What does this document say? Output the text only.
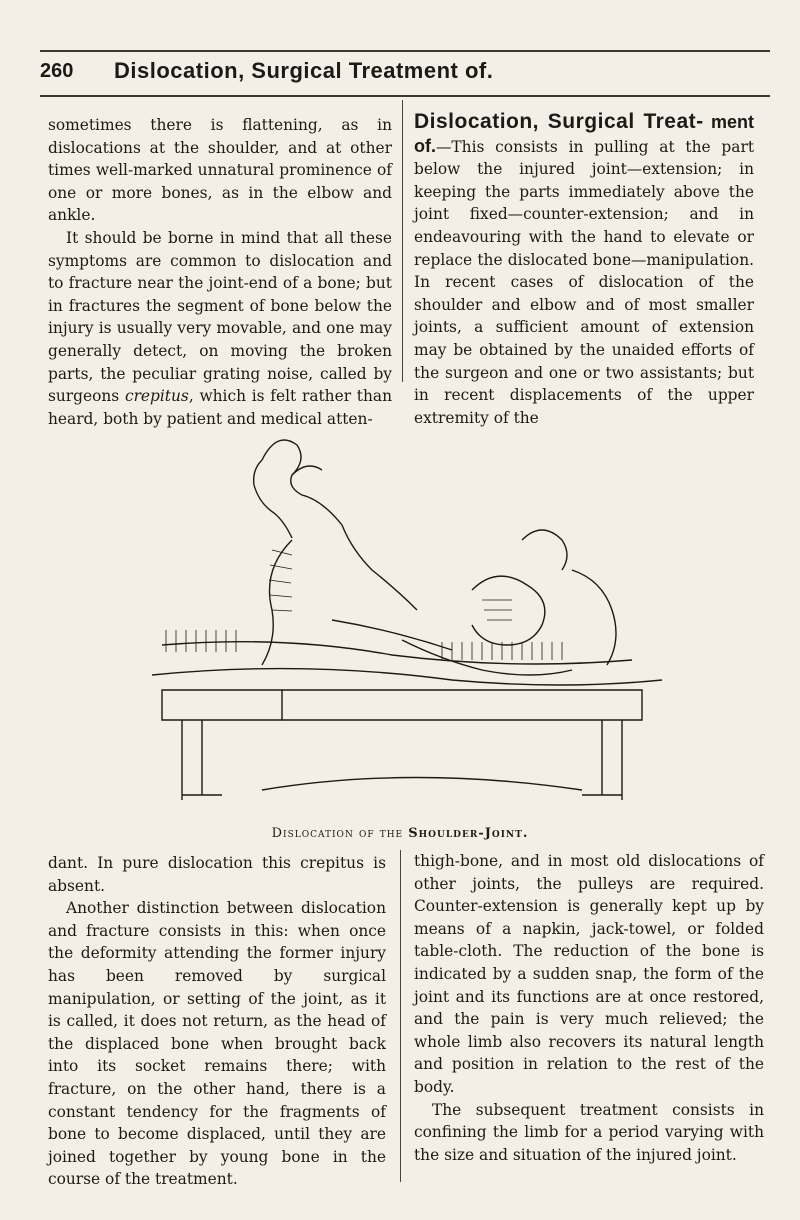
260 Dislocation, Surgical Treatment of.

sometimes there is flattening, as in dislocations at the shoulder, and at other times well-marked unnatural prominence of one or more bones, as in the elbow and ankle.

It should be borne in mind that all these symptoms are common to dislocation and to fracture near the joint-end of a bone; but in fractures the segment of bone below the injury is usually very movable, and one may generally detect, on moving the broken parts, the peculiar grating noise, called by surgeons crepitus, which is felt rather than heard, both by patient and medical atten-

Dislocation, Surgical Treat- ment of.—This consists in pulling at the part below the injured joint—extension; in keeping the parts immediately above the joint fixed—counter-extension; and in endeavouring with the hand to elevate or replace the dislocated bone—manipulation. In recent cases of dislocation of the shoulder and elbow and of most smaller joints, a sufficient amount of extension may be obtained by the unaided efforts of the surgeon and one or two assistants; but in recent displacements of the upper extremity of the

Dislocation of the Shoulder-Joint.

dant. In pure dislocation this crepitus is absent.

Another distinction between dislocation and fracture consists in this: when once the deformity attending the former injury has been removed by surgical manipulation, or setting of the joint, as it is called, it does not return, as the head of the displaced bone when brought back into its socket remains there; with fracture, on the other hand, there is a constant tendency for the fragments of bone to become displaced, until they are joined together by young bone in the course of the treatment.

thigh-bone, and in most old dislocations of other joints, the pulleys are required. Counter-extension is generally kept up by means of a napkin, jack-towel, or folded table-cloth. The reduction of the bone is indicated by a sudden snap, the form of the joint and its functions are at once restored, and the pain is very much relieved; the whole limb also recovers its natural length and position in relation to the rest of the body.

The subsequent treatment consists in confining the limb for a period varying with the size and situation of the injured joint.
